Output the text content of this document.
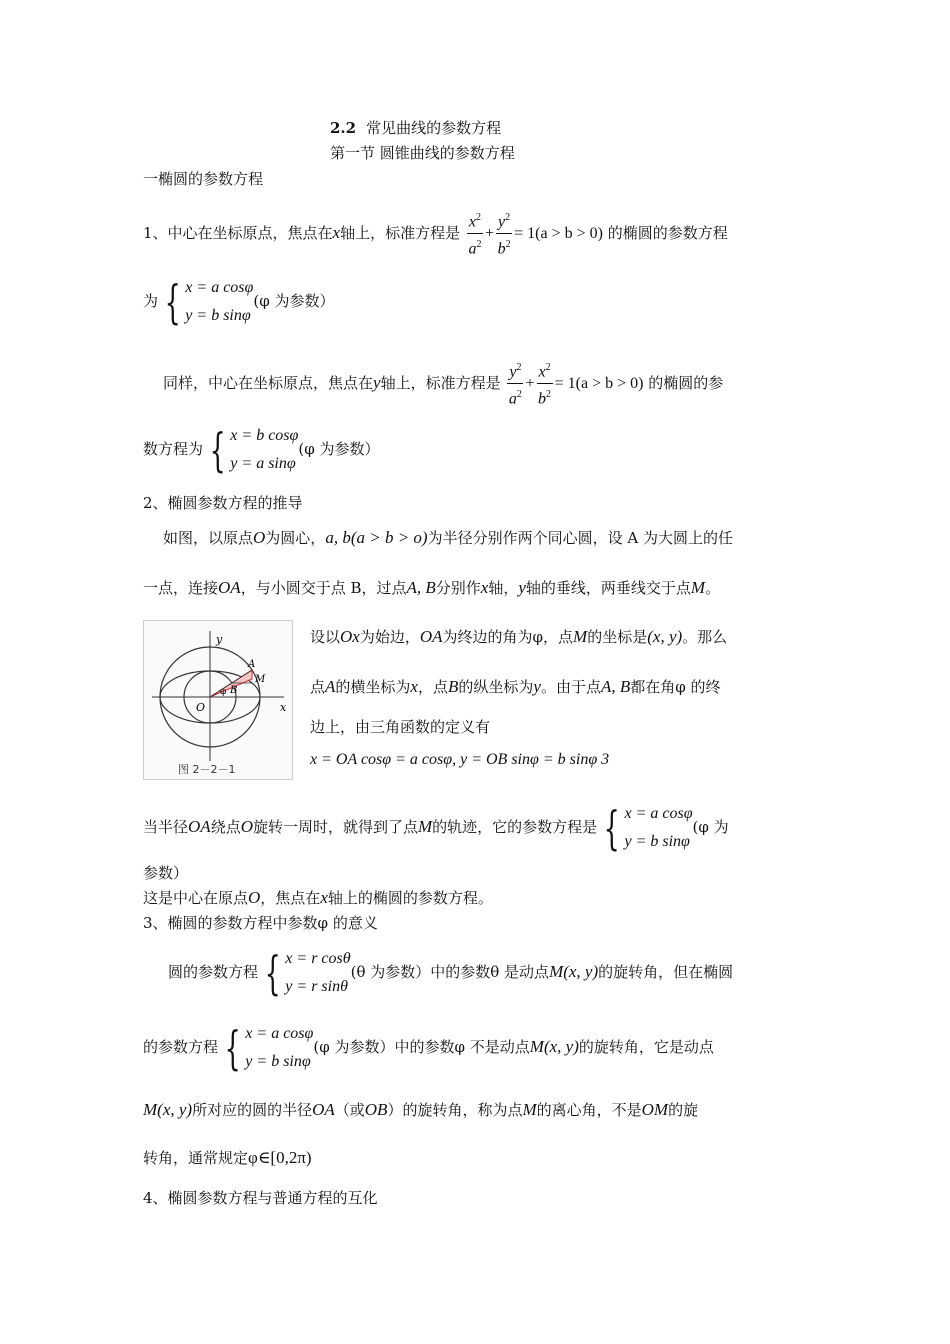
2.2 常见曲线的参数方程
第一节 圆锥曲线的参数方程
一椭圆的参数方程
1、中心在坐标原点，焦点在x轴上，标准方程是 $\frac{x^2}{a^2} + \frac{y^2}{b^2} = 1(a > b > 0)$ 的椭圆的参数方程
为 { x = a cosφ
y = b sinφ
(φ 为参数）
同样，中心在坐标原点，焦点在y轴上，标准方程是 $\frac{y^2}{a^2} + \frac{x^2}{b^2} = 1(a > b > 0)$ 的椭圆的参
数方程为 { x = b cosφ
y = a sinφ
(φ 为参数）
2、椭圆参数方程的推导
如图，以原点O为圆心，a, b(a > b > o)为半径分别作两个同心圆，设 A 为大圆上的任
一点，连接OA，与小圆交于点 B，过点A, B分别作x轴，y轴的垂线，两垂线交于点M。
y
x
O
A
B
M
φ
图 2－2－1
设以Ox为始边，OA为终边的角为φ，点M的坐标是(x, y)。那么
点A的横坐标为x，点B的纵坐标为y。由于点A, B都在角φ 的终
边上，由三角函数的定义有
x = OA cosφ = a cosφ, y = OB sinφ = b sinφ 3
当半径OA绕点O旋转一周时，就得到了点M的轨迹，它的参数方程是 { x = a cosφ
y = b sinφ
(φ 为
参数）
这是中心在原点O，焦点在x轴上的椭圆的参数方程。
3、椭圆的参数方程中参数φ 的意义
圆的参数方程 { x = r cosθ
y = r sinθ
(θ 为参数）中的参数θ 是动点M(x, y)的旋转角，但在椭圆
的参数方程 { x = a cosφ
y = b sinφ
(φ 为参数）中的参数φ 不是动点M(x, y)的旋转角，它是动点
M(x, y)所对应的圆的半径OA（或OB）的旋转角，称为点M的离心角，不是OM的旋
转角，通常规定φ∈[0,2π)
4、椭圆参数方程与普通方程的互化
